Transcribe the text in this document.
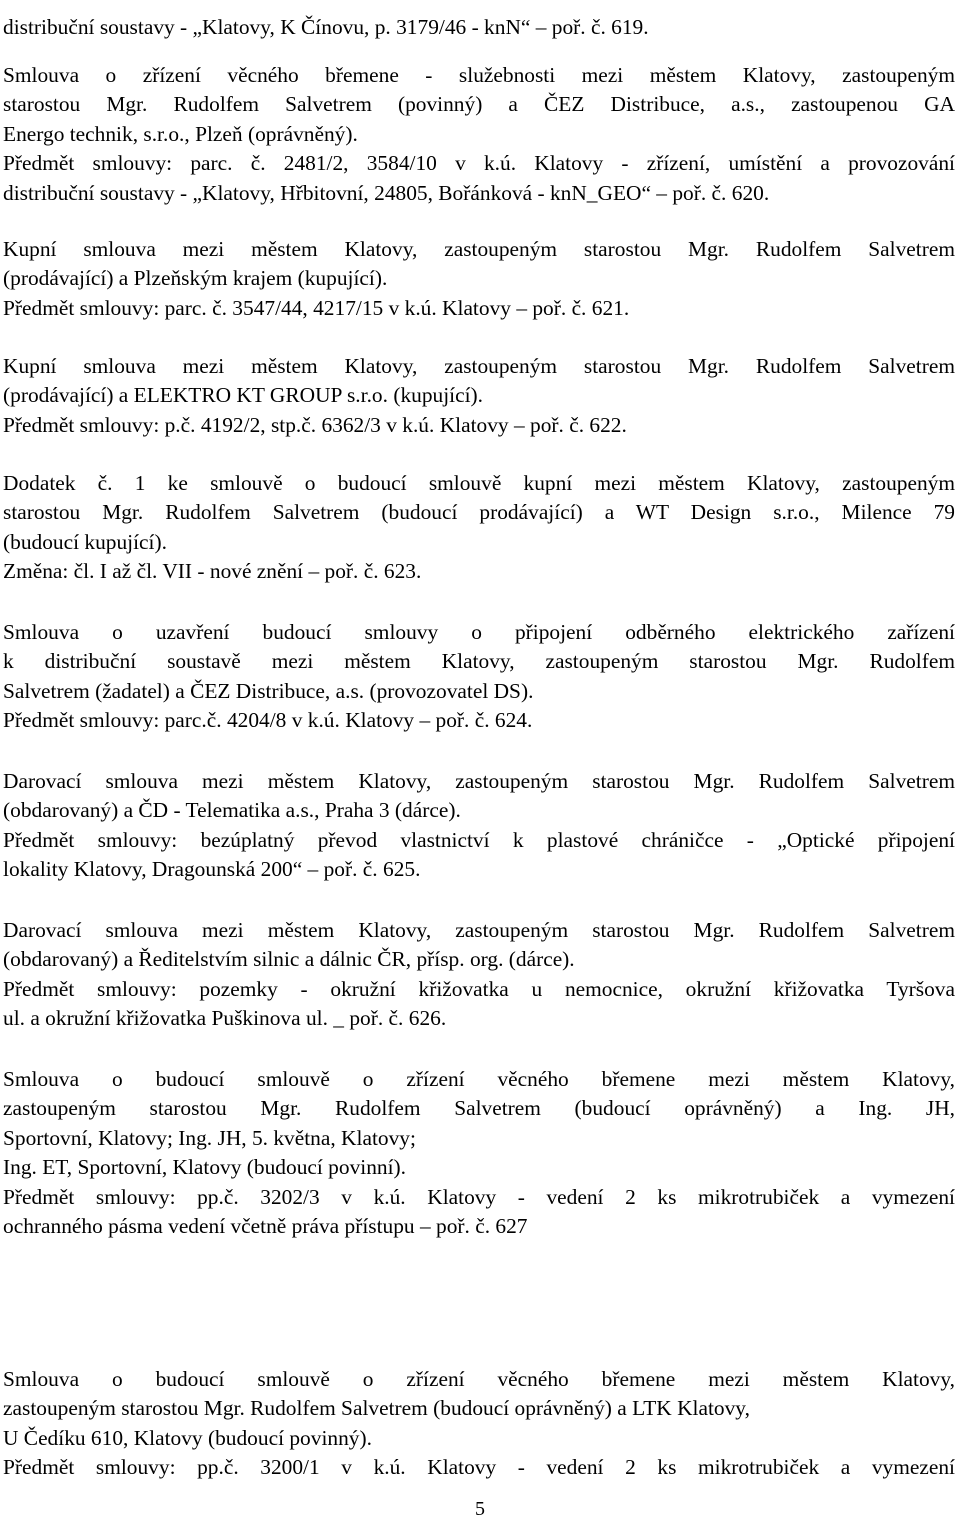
distribuční soustavy - „Klatovy, K Čínovu, p. 3179/46 - knN“ – poř. č. 619.
Smlouva o zřízení věcného břemene - služebnosti mezi městem Klatovy, zastoupeným
starostou Mgr. Rudolfem Salvetrem (povinný) a ČEZ Distribuce, a.s., zastoupenou GA
Energo technik, s.r.o., Plzeň (oprávněný).
Předmět smlouvy: parc. č. 2481/2, 3584/10 v k.ú. Klatovy - zřízení, umístění a provozování
distribuční soustavy - „Klatovy, Hřbitovní, 24805, Bořánková - knN_GEO“ – poř. č. 620.
Kupní smlouva mezi městem Klatovy, zastoupeným starostou Mgr. Rudolfem Salvetrem
(prodávající) a Plzeňským krajem (kupující).
Předmět smlouvy: parc. č. 3547/44, 4217/15 v k.ú. Klatovy – poř. č. 621.
Kupní smlouva mezi městem Klatovy, zastoupeným starostou Mgr. Rudolfem Salvetrem
(prodávající) a ELEKTRO KT GROUP s.r.o. (kupující).
Předmět smlouvy: p.č. 4192/2, stp.č. 6362/3 v k.ú. Klatovy – poř. č. 622.
Dodatek č. 1 ke smlouvě o budoucí smlouvě kupní mezi městem Klatovy, zastoupeným
starostou Mgr. Rudolfem Salvetrem (budoucí prodávající) a WT Design s.r.o., Milence 79
(budoucí kupující).
Změna: čl. I až čl. VII - nové znění – poř. č. 623.
Smlouva o uzavření budoucí smlouvy o připojení odběrného elektrického zařízení
k distribuční soustavě mezi městem Klatovy, zastoupeným starostou Mgr. Rudolfem
Salvetrem (žadatel) a ČEZ Distribuce, a.s. (provozovatel DS).
Předmět smlouvy: parc.č. 4204/8 v k.ú. Klatovy – poř. č. 624.
Darovací smlouva mezi městem Klatovy, zastoupeným starostou Mgr. Rudolfem Salvetrem
(obdarovaný) a ČD - Telematika a.s., Praha 3 (dárce).
Předmět smlouvy: bezúplatný převod vlastnictví k plastové chráničce - „Optické připojení
lokality Klatovy, Dragounská 200“ – poř. č. 625.
Darovací smlouva mezi městem Klatovy, zastoupeným starostou Mgr. Rudolfem Salvetrem
(obdarovaný) a Ředitelstvím silnic a dálnic ČR, přísp. org. (dárce).
Předmět smlouvy: pozemky - okružní křižovatka u nemocnice, okružní křižovatka Tyršova
ul. a okružní křižovatka Puškinova ul. _ poř. č. 626.
Smlouva o budoucí smlouvě o zřízení věcného břemene mezi městem Klatovy,
zastoupeným starostou Mgr. Rudolfem Salvetrem (budoucí oprávněný) a Ing. JH,
Sportovní, Klatovy; Ing. JH, 5. května, Klatovy;
Ing. ET, Sportovní, Klatovy (budoucí povinní).
Předmět smlouvy: pp.č. 3202/3 v k.ú. Klatovy - vedení 2 ks mikrotrubiček a vymezení
ochranného pásma vedení včetně práva přístupu – poř. č. 627
Smlouva o budoucí smlouvě o zřízení věcného břemene mezi městem Klatovy,
zastoupeným starostou Mgr. Rudolfem Salvetrem (budoucí oprávněný) a LTK Klatovy,
U Čedíku 610, Klatovy (budoucí povinný).
Předmět smlouvy: pp.č. 3200/1 v k.ú. Klatovy - vedení 2 ks mikrotrubiček a vymezení
5
